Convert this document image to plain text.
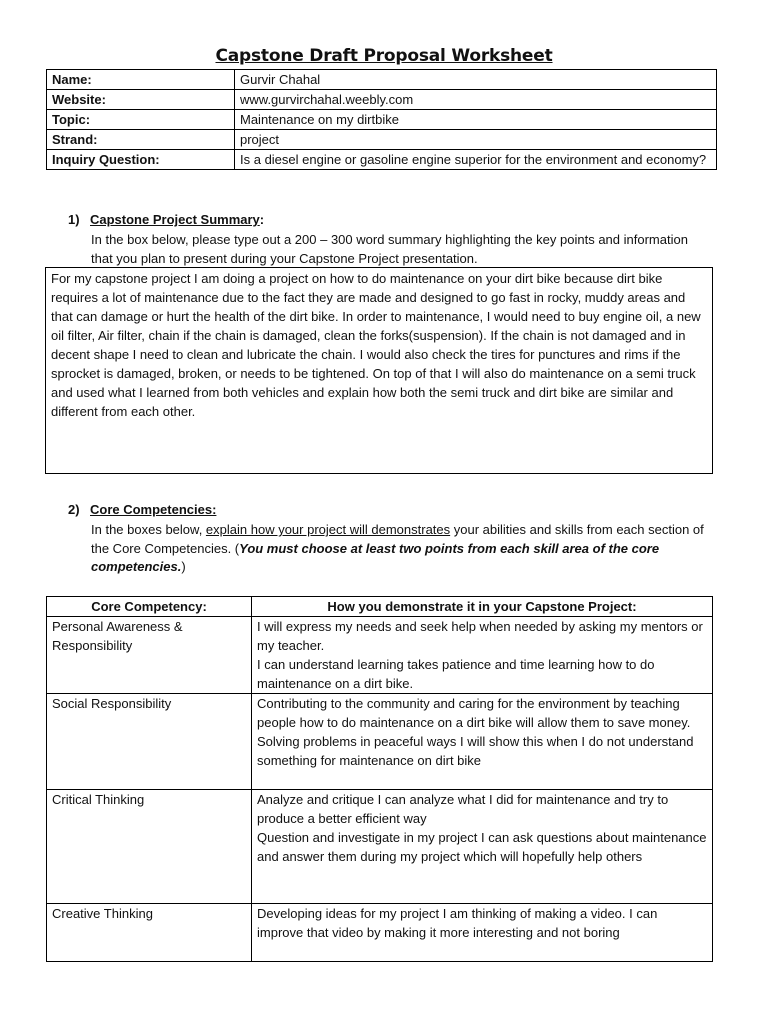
Capstone Draft Proposal Worksheet
Name:	Gurvir Chahal
Website:	www.gurvirchahal.weebly.com
Topic:	Maintenance on my dirtbike
Strand:	project
Inquiry Question:	Is a diesel engine or gasoline engine superior for the environment and economy?
1) Capstone Project Summary:
In the box below, please type out a 200 – 300 word summary highlighting the key points and information that you plan to present during your Capstone Project presentation.
For my capstone project I am doing a project on how to do maintenance on your dirt bike because dirt bike requires a lot of maintenance due to the fact they are made and designed to go fast in rocky, muddy areas and that can damage or hurt the health of the dirt bike. In order to maintenance, I would need to buy engine oil, a new oil filter, Air filter, chain if the chain is damaged, clean the forks(suspension). If the chain is not damaged and in decent shape I need to clean and lubricate the chain. I would also check the tires for punctures and rims if the sprocket is damaged, broken, or needs to be tightened. On top of that I will also do maintenance on a semi truck and used what I learned from both vehicles and explain how both the semi truck and dirt bike are similar and different from each other.
2) Core Competencies:
In the boxes below, explain how your project will demonstrates your abilities and skills from each section of the Core Competencies. (You must choose at least two points from each skill area of the core competencies.)
Core Competency:	How you demonstrate it in your Capstone Project:
Personal Awareness & Responsibility	I will express my needs and seek help when needed by asking my mentors or my teacher.
I can understand learning takes patience and time learning how to do maintenance on a dirt bike.

Social Responsibility	Contributing to the community and caring for the environment by teaching people how to do maintenance on a dirt bike will allow them to save money.
Solving problems in peaceful ways I will show this when I do not understand something for maintenance on dirt bike

Critical Thinking	Analyze and critique I can analyze what I did for maintenance and try to produce a better efficient way
Question and investigate in my project I can ask questions about maintenance and answer them during my project which will hopefully help others

Creative Thinking	Developing ideas for my project I am thinking of making a video. I can improve that video by making it more interesting and not boring
